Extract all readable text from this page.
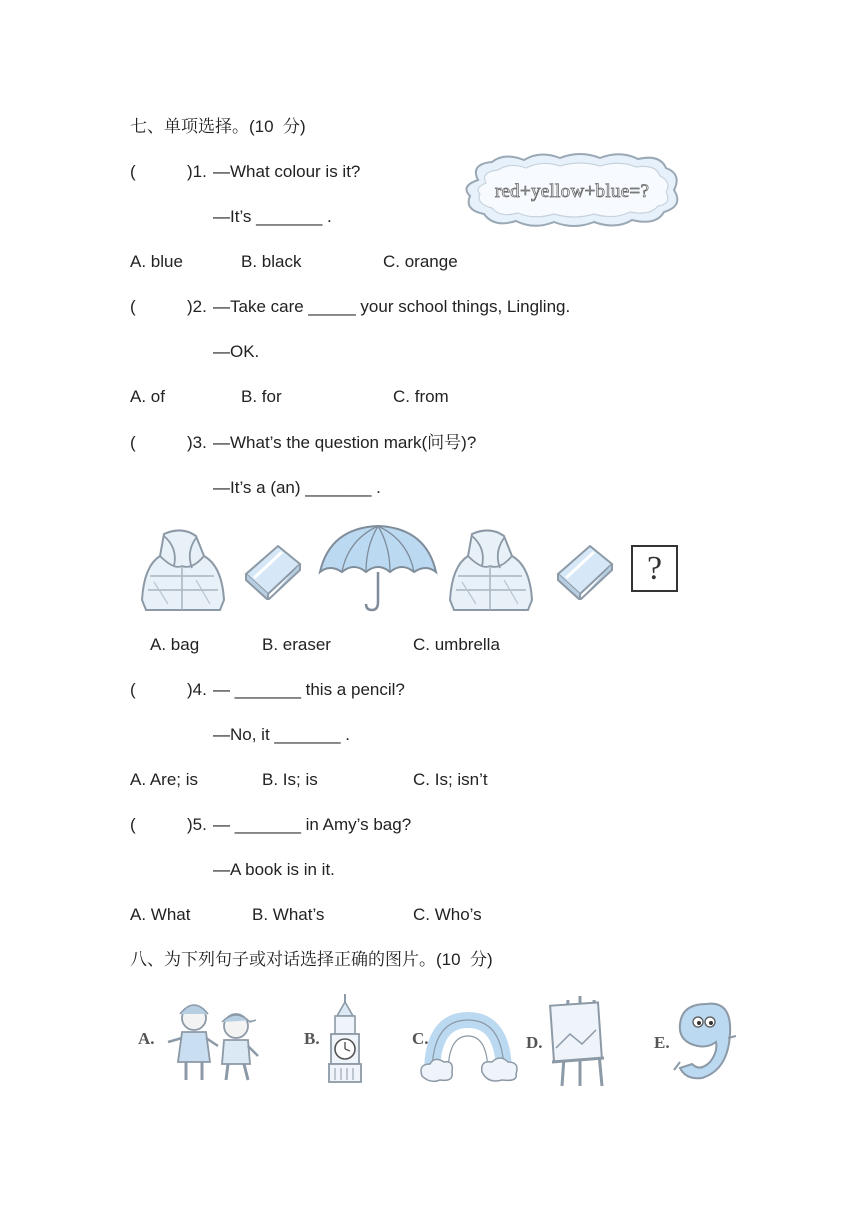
七、单项选择。(10  分)
(	)1. —What colour is it?
—It’s _______ .
A. blue	B. black	C. orange
red+yellow+blue=?
(	)2. —Take care _____ your school things, Lingling.
—OK.
A. of	B. for	C. from
(	)3. —What’s the question mark(问号)?
—It’s a (an) _______ .
?
A. bag	B. eraser	C. umbrella
(	)4. — _______ this a pencil?
—No, it _______ .
A. Are; is	B. Is; is	C. Is; isn’t
(	)5. — _______ in Amy’s bag?
—A book is in it.
A. What	B. What’s	C. Who’s
八、为下列句子或对话选择正确的图片。(10  分)
A.	B.	C.	D.	E.
